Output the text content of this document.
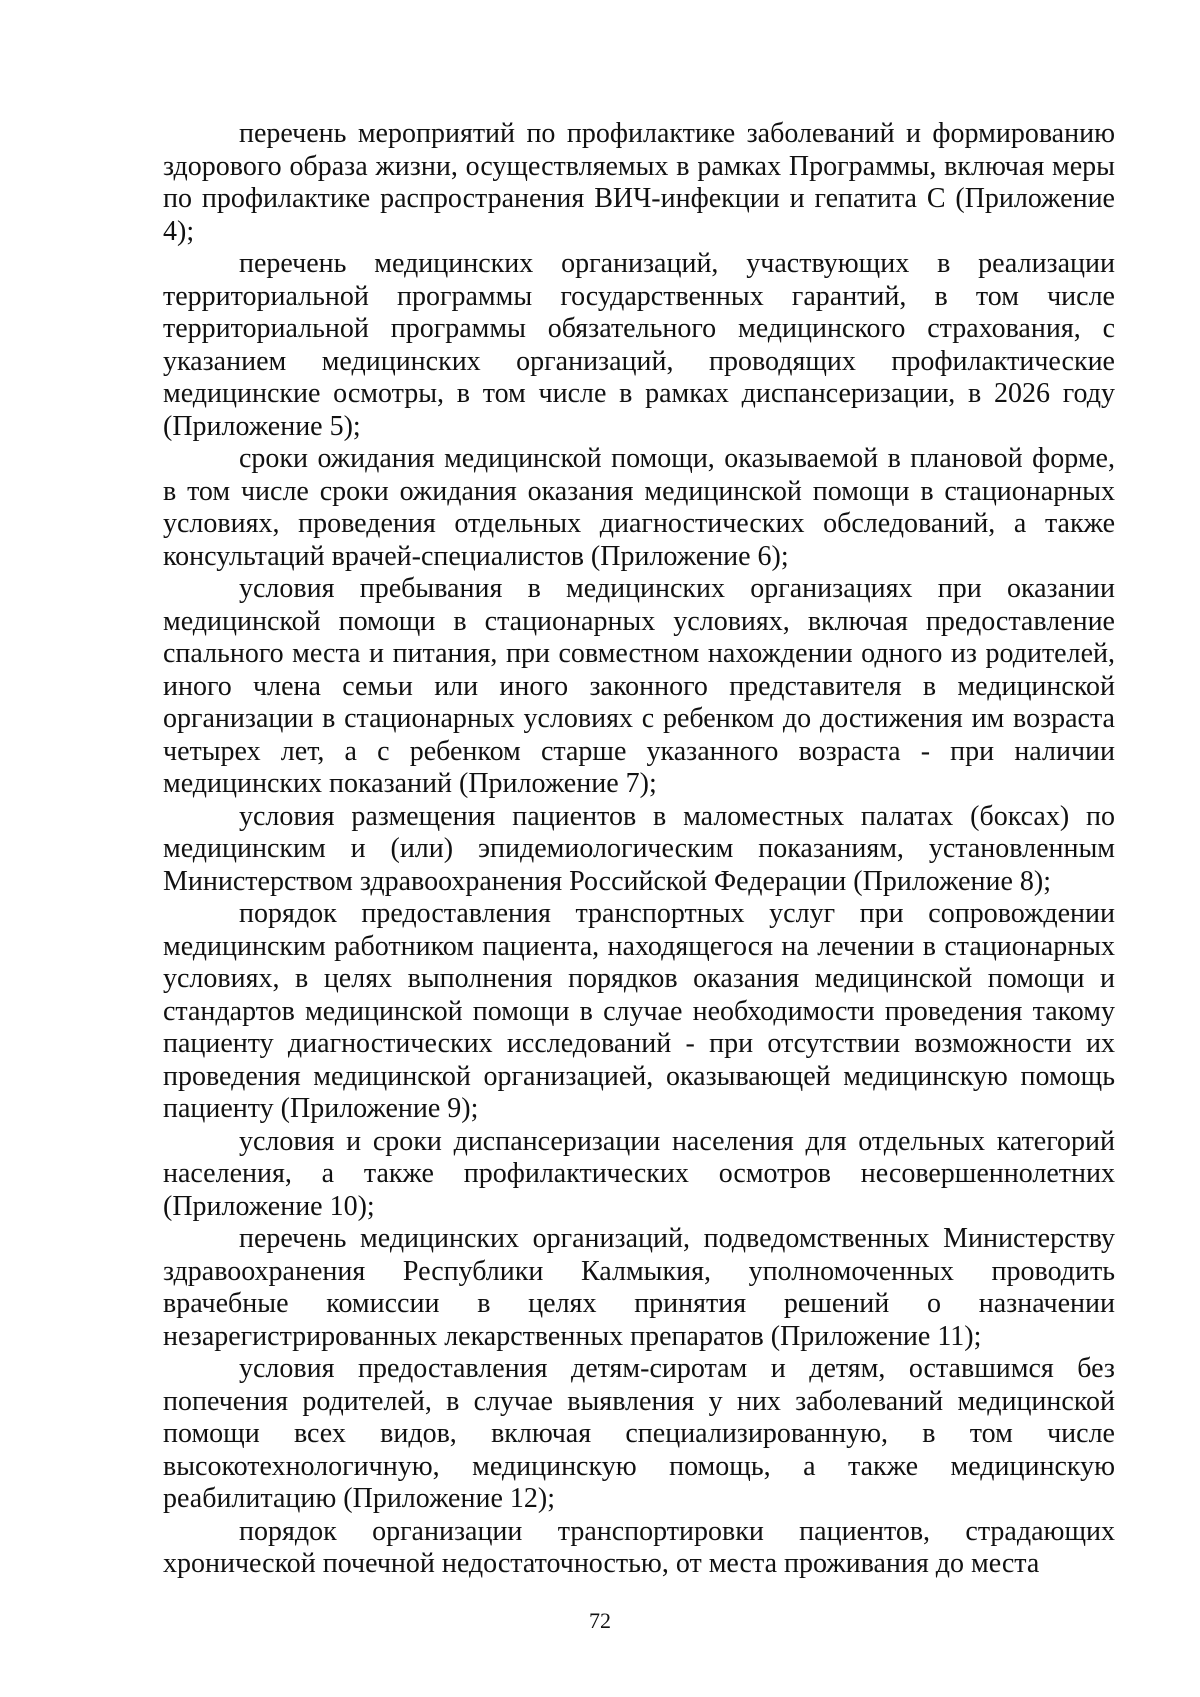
перечень мероприятий по профилактике заболеваний и формированию здорового образа жизни, осуществляемых в рамках Программы, включая меры по профилактике распространения ВИЧ-инфекции и гепатита С (Приложение 4);

перечень медицинских организаций, участвующих в реализации территориальной программы государственных гарантий, в том числе территориальной программы обязательного медицинского страхования, с указанием медицинских организаций, проводящих профилактические медицинские осмотры, в том числе в рамках диспансеризации, в 2026 году (Приложение 5);

сроки ожидания медицинской помощи, оказываемой в плановой форме, в том числе сроки ожидания оказания медицинской помощи в стационарных условиях, проведения отдельных диагностических обследований, а также консультаций врачей-специалистов (Приложение 6);

условия пребывания в медицинских организациях при оказании медицинской помощи в стационарных условиях, включая предоставление спального места и питания, при совместном нахождении одного из родителей, иного члена семьи или иного законного представителя в медицинской организации в стационарных условиях с ребенком до достижения им возраста четырех лет, а с ребенком старше указанного возраста - при наличии медицинских показаний (Приложение 7);

условия размещения пациентов в маломестных палатах (боксах) по медицинским и (или) эпидемиологическим показаниям, установленным Министерством здравоохранения Российской Федерации (Приложение 8);

порядок предоставления транспортных услуг при сопровождении медицинским работником пациента, находящегося на лечении в стационарных условиях, в целях выполнения порядков оказания медицинской помощи и стандартов медицинской помощи в случае необходимости проведения такому пациенту диагностических исследований - при отсутствии возможности их проведения медицинской организацией, оказывающей медицинскую помощь пациенту (Приложение 9);

условия и сроки диспансеризации населения для отдельных категорий населения, а также профилактических осмотров несовершеннолетних (Приложение 10);

перечень медицинских организаций, подведомственных Министерству здравоохранения Республики Калмыкия, уполномоченных проводить врачебные комиссии в целях принятия решений о назначении незарегистрированных лекарственных препаратов (Приложение 11);

условия предоставления детям-сиротам и детям, оставшимся без попечения родителей, в случае выявления у них заболеваний медицинской помощи всех видов, включая специализированную, в том числе высокотехнологичную, медицинскую помощь, а также медицинскую реабилитацию (Приложение 12);

порядок организации транспортировки пациентов, страдающих хронической почечной недостаточностью, от места проживания до места

72
